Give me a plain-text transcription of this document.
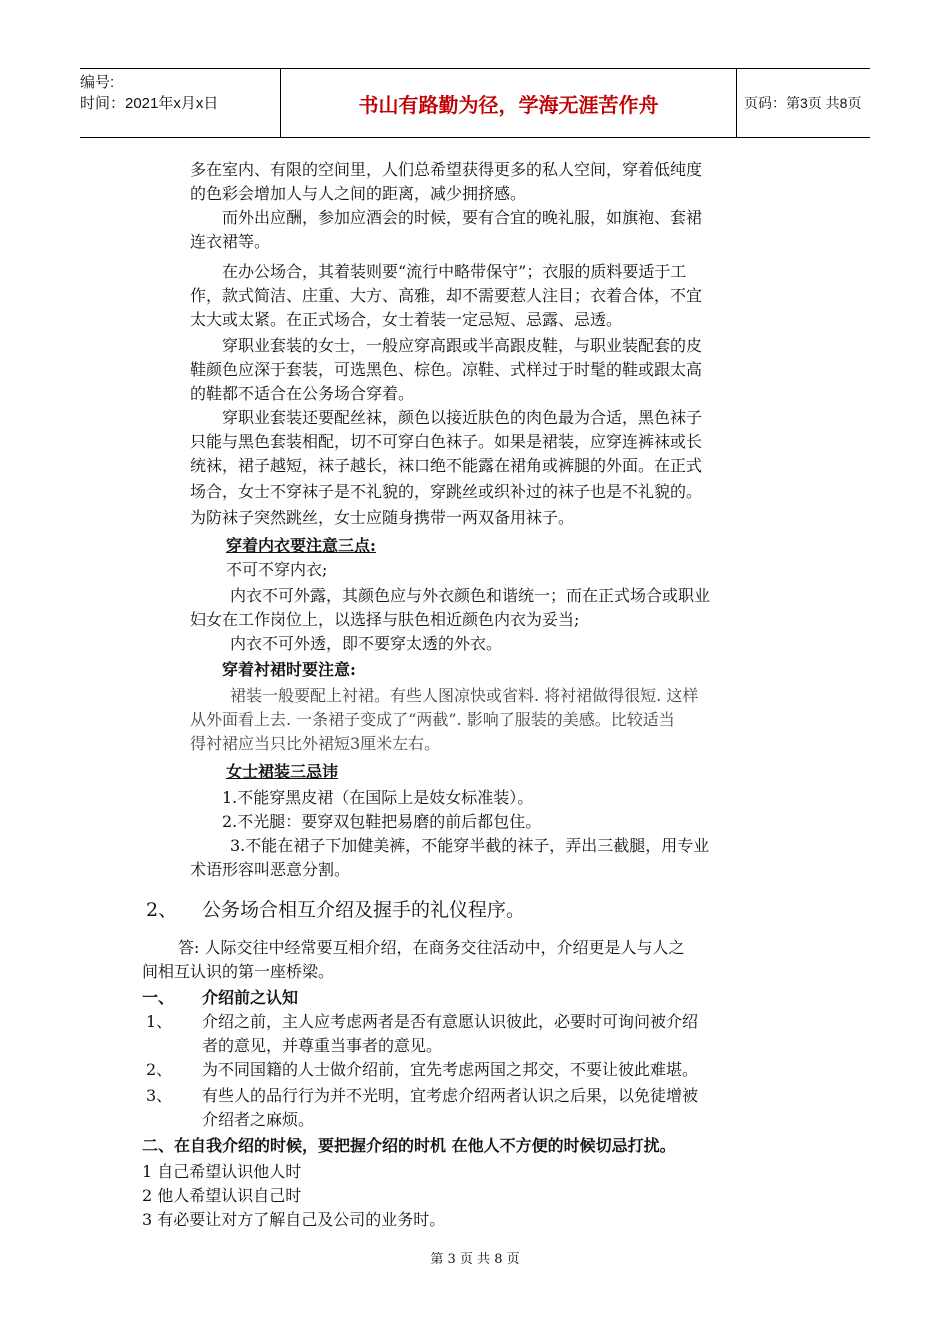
编号:
时间：2021年x月x日	书山有路勤为径，学海无涯苦作舟	页码：第3页 共8页
多在室内、有限的空间里，人们总希望获得更多的私人空间，穿着低纯度
的色彩会增加人与人之间的距离，减少拥挤感。
而外出应酬，参加应酒会的时候，要有合宜的晚礼服，如旗袍、套裙
连衣裙等。
在办公场合，其着装则要“流行中略带保守”；衣服的质料要适于工
作，款式简洁、庄重、大方、高雅，却不需要惹人注目；衣着合体，不宜
太大或太紧。在正式场合，女士着装一定忌短、忌露、忌透。
穿职业套装的女士，一般应穿高跟或半高跟皮鞋，与职业装配套的皮
鞋颜色应深于套装，可选黑色、棕色。凉鞋、式样过于时髦的鞋或跟太高
的鞋都不适合在公务场合穿着。
穿职业套装还要配丝袜，颜色以接近肤色的肉色最为合适，黑色袜子
只能与黑色套装相配，切不可穿白色袜子。如果是裙装，应穿连裤袜或长
统袜，裙子越短，袜子越长，袜口绝不能露在裙角或裤腿的外面。在正式
场合，女士不穿袜子是不礼貌的，穿跳丝或织补过的袜子也是不礼貌的。
为防袜子突然跳丝，女士应随身携带一两双备用袜子。
穿着内衣要注意三点:
不可不穿内衣;
内衣不可外露，其颜色应与外衣颜色和谐统一；而在正式场合或职业
妇女在工作岗位上，以选择与肤色相近颜色内衣为妥当;
内衣不可外透，即不要穿太透的外衣。
穿着衬裙时要注意:
裙装一般要配上衬裙。有些人图凉快或省料. 将衬裙做得很短. 这样
从外面看上去. 一条裙子变成了“两截”. 影响了服装的美感。比较适当
得衬裙应当只比外裙短3厘米左右。
女士裙装三忌讳
1.不能穿黑皮裙（在国际上是妓女标准装）。
2.不光腿：要穿双包鞋把易磨的前后都包住。
3.不能在裙子下加健美裤，不能穿半截的袜子，弄出三截腿，用专业
术语形容叫恶意分割。
2、 公务场合相互介绍及握手的礼仪程序。
答: 人际交往中经常要互相介绍，在商务交往活动中，介绍更是人与人之
间相互认识的第一座桥梁。
一、 介绍前之认知
1、 介绍之前，主人应考虑两者是否有意愿认识彼此，必要时可询问被介绍
者的意见，并尊重当事者的意见。
2、 为不同国籍的人士做介绍前，宜先考虑两国之邦交，不要让彼此难堪。
3、 有些人的品行行为并不光明，宜考虑介绍两者认识之后果，以免徒增被
介绍者之麻烦。
二、在自我介绍的时候，要把握介绍的时机 在他人不方便的时候切忌打扰。
1 自己希望认识他人时
2 他人希望认识自己时
3 有必要让对方了解自己及公司的业务时。
第 3 页 共 8 页
